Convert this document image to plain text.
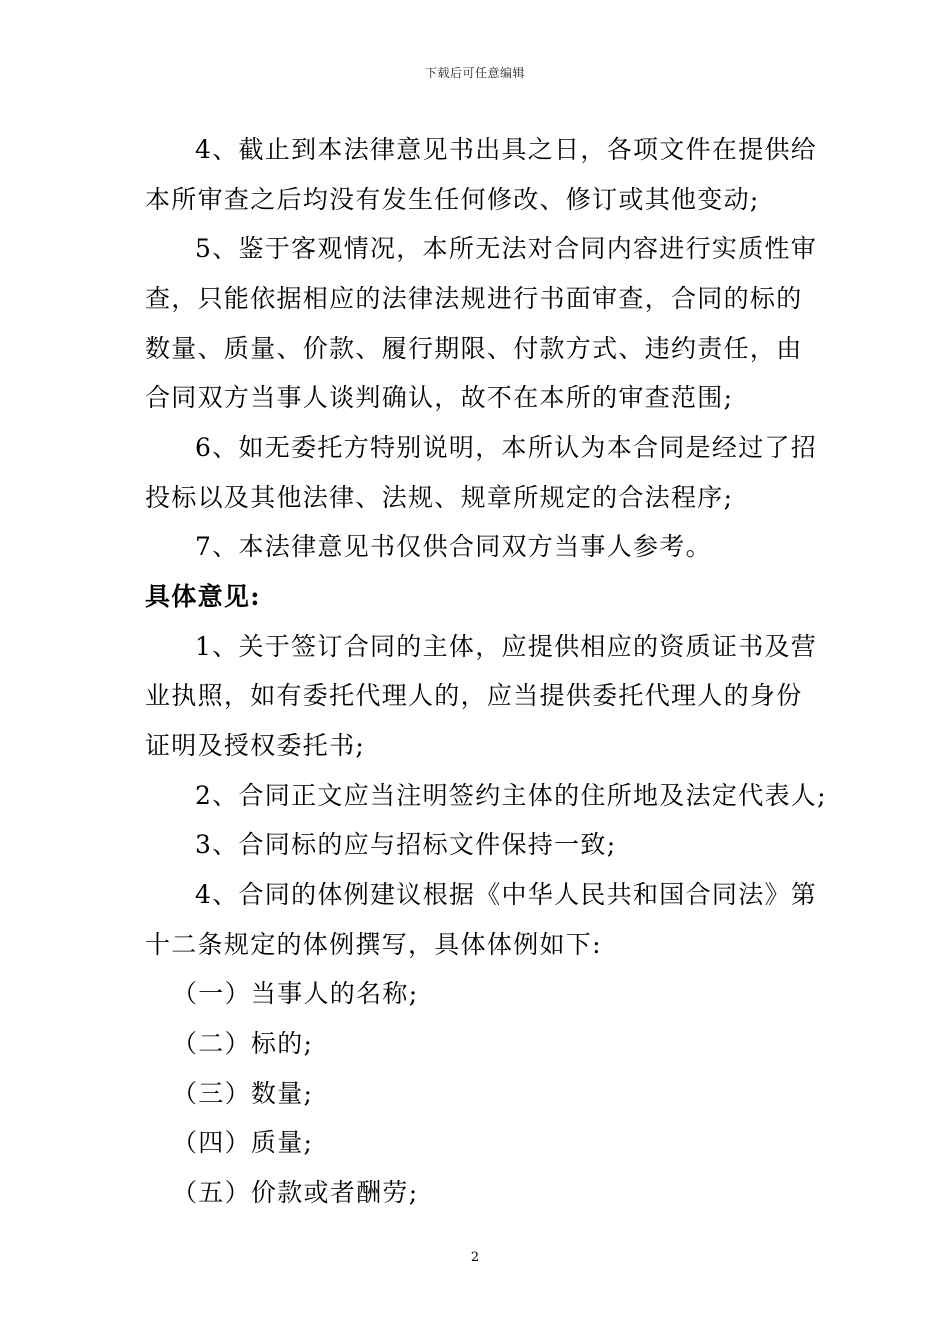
下载后可任意编辑
4、截止到本法律意见书出具之日，各项文件在提供给
本所审查之后均没有发生任何修改、修订或其他变动;
5、鉴于客观情况，本所无法对合同内容进行实质性审
查，只能依据相应的法律法规进行书面审查，合同的标的
数量、质量、价款、履行期限、付款方式、违约责任，由
合同双方当事人谈判确认，故不在本所的审查范围;
6、如无委托方特别说明，本所认为本合同是经过了招
投标以及其他法律、法规、规章所规定的合法程序;
7、本法律意见书仅供合同双方当事人参考。
具体意见:
1、关于签订合同的主体，应提供相应的资质证书及营
业执照，如有委托代理人的，应当提供委托代理人的身份
证明及授权委托书;
2、合同正文应当注明签约主体的住所地及法定代表人;
3、合同标的应与招标文件保持一致;
4、合同的体例建议根据《中华人民共和国合同法》第
十二条规定的体例撰写，具体体例如下:
（一）当事人的名称;
（二）标的;
（三）数量;
（四）质量;
（五）价款或者酬劳;
2
